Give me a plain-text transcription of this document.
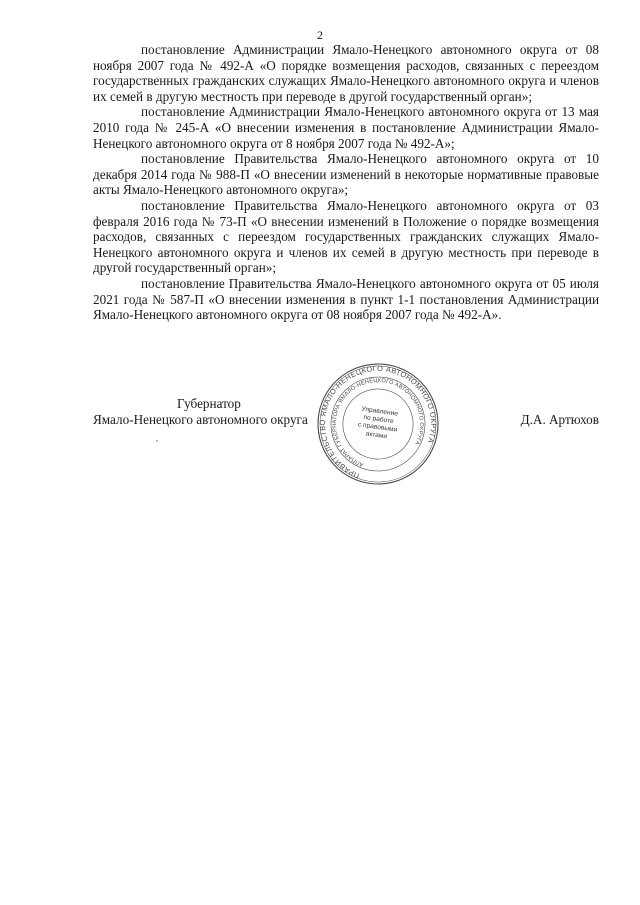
2

постановление Администрации Ямало-Ненецкого автономного округа от 08 ноября 2007 года № 492-А «О порядке возмещения расходов, связанных с переездом государственных гражданских служащих Ямало-Ненецкого автономного округа и членов их семей в другую местность при переводе в другой государственный орган»;

постановление Администрации Ямало-Ненецкого автономного округа от 13 мая 2010 года № 245-А «О внесении изменения в постановление Администрации Ямало-Ненецкого автономного округа от 8 ноября 2007 года № 492-А»;

постановление Правительства Ямало-Ненецкого автономного округа от 10 декабря 2014 года № 988-П «О внесении изменений в некоторые нормативные правовые акты Ямало-Ненецкого автономного округа»;

постановление Правительства Ямало-Ненецкого автономного округа от 03 февраля 2016 года № 73-П «О внесении изменений в Положение о порядке возмещения расходов, связанных с переездом государственных гражданских служащих Ямало-Ненецкого автономного округа и членов их семей в другую местность при переводе в другой государственный орган»;

постановление Правительства Ямало-Ненецкого автономного округа от 05 июля 2021 года № 587-П «О внесении изменения в пункт 1-1 постановления Администрации Ямало-Ненецкого автономного округа от 08 ноября 2007 года № 492-А».

Губернатор
Ямало-Ненецкого автономного округа	Д.А. Артюхов
ПРАВИТЕЛЬСТВО ЯМАЛО-НЕНЕЦКОГО АВТОНОМНОГО ОКРУГА
АППАРАТ ГУБЕРНАТОРА ЯМАЛО-НЕНЕЦКОГО АВТОНОМНОГО ОКРУГА
Управление
по работе
с правовыми
актами
